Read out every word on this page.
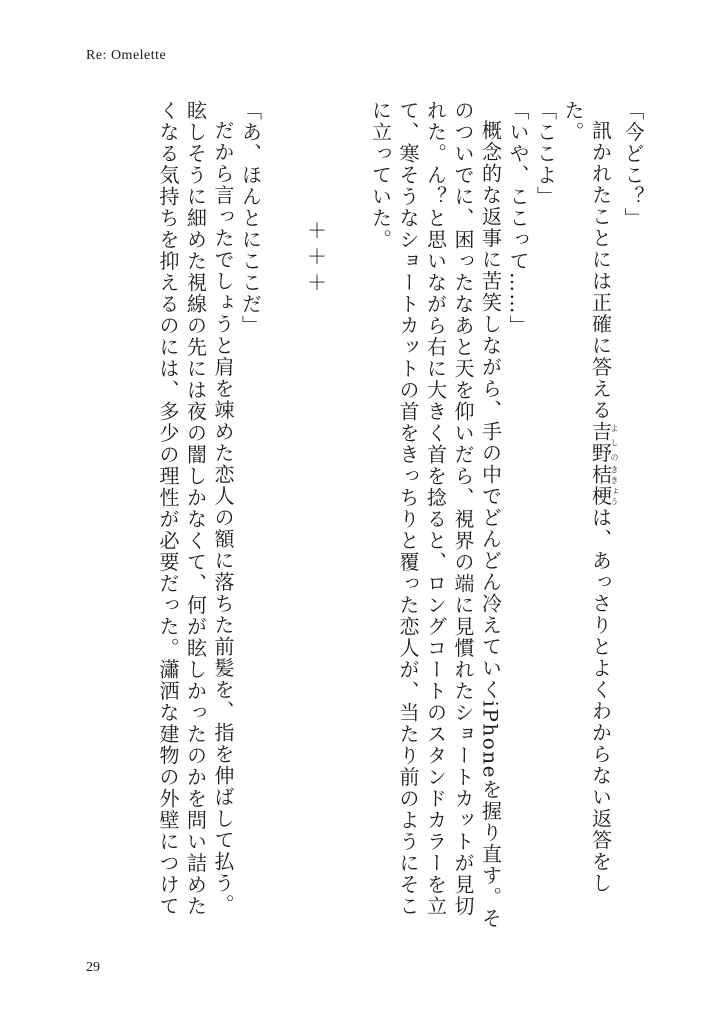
Re: Omelette

「今どこ？」

訊かれたことには正確に答える吉野よしの桔梗ききょうは、あっさりとよくわからない返答をした。

「ここよ」

「いや、ここって……」

概念的な返事に苦笑しながら、手の中でどんどん冷えていくiPhoneを握り直す。そのついでに、困ったなあと天を仰いだら、視界の端に見慣れたショートカットが見切れた。ん？と思いながら右に大きく首を捻ると、ロングコートのスタンドカラーを立て、寒そうなショートカットの首をきっちりと覆った恋人が、当たり前のようにそこに立っていた。

＋＋＋

「あ、ほんとにここだ」

だから言ったでしょうと肩を竦めた恋人の額に落ちた前髪を、指を伸ばして払う。眩しそうに細めた視線の先には夜の闇しかなくて、何が眩しかったのかを問い詰めたくなる気持ちを抑えるのには、多少の理性が必要だった。瀟洒な建物の外壁につけて

29
